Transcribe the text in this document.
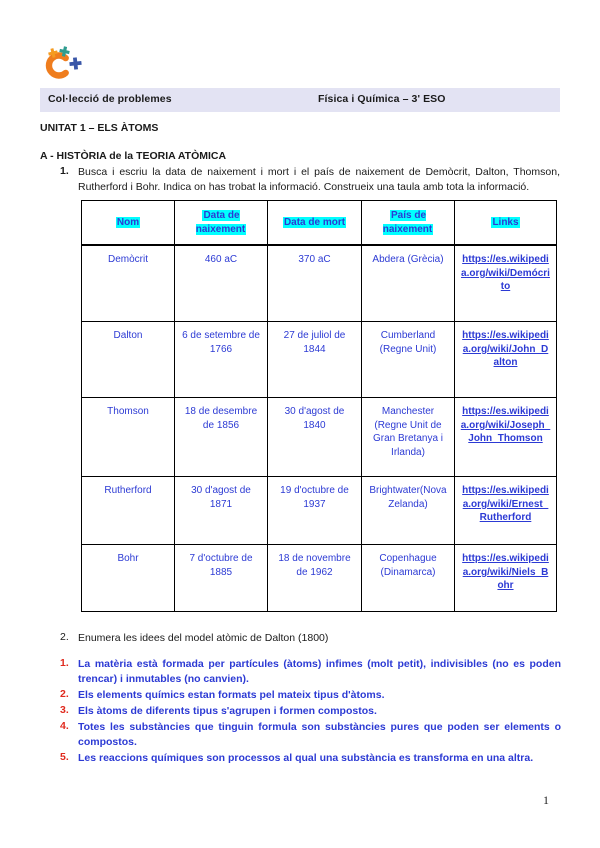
Col·lecció de problemes	Física i Química – 3' ESO
UNITAT 1 – ELS ÀTOMS
A - HISTÒRIA de la TEORIA ATÒMICA
1. Busca i escriu la data de naixement i mort i el país de naixement de Demòcrit, Dalton, Thomson, Rutherford i Bohr. Indica on has trobat la informació. Construeix una taula amb tota la informació.
Nom	Data de naixement	Data de mort	País de naixement	Links
Demòcrit	460 aC	370 aC	Abdera (Grècia)	https://es.wikipedia.org/wiki/Demócrito
Dalton	6 de setembre de 1766	27 de juliol de 1844	Cumberland (Regne Unit)	https://es.wikipedia.org/wiki/John_Dalton
Thomson	18 de desembre de 1856	30 d'agost de 1840	Manchester (Regne Unit de Gran Bretanya i Irlanda)	https://es.wikipedia.org/wiki/Joseph_John_Thomson
Rutherford	30 d'agost de 1871	19 d'octubre de 1937	Brightwater(Nova Zelanda)	https://es.wikipedia.org/wiki/Ernest_Rutherford
Bohr	7 d'octubre de 1885	18 de novembre de 1962	Copenhague (Dinamarca)	https://es.wikipedia.org/wiki/Niels_Bohr
2. Enumera les idees del model atòmic de Dalton (1800)
1. La matèria està formada per partícules (àtoms) infimes (molt petit), indivisibles (no es poden trencar) i inmutables (no canvien).
2. Els elements químics estan formats pel mateix tipus d'àtoms.
3. Els àtoms de diferents tipus s'agrupen i formen compostos.
4. Totes les substàncies que tinguin formula son substàncies pures que poden ser elements o compostos.
5. Les reaccions químiques son processos al qual una substància es transforma en una altra.
1
